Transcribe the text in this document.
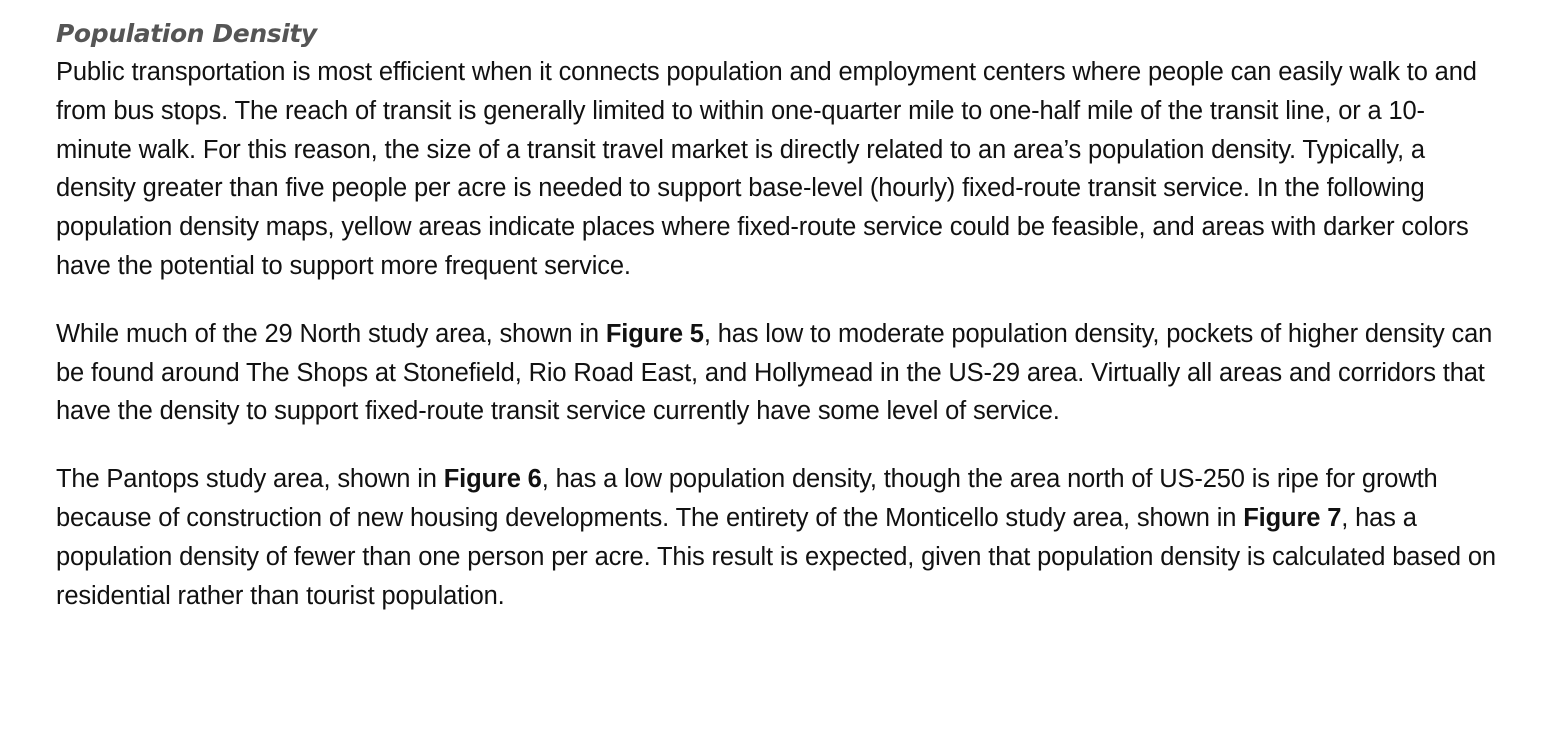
Population Density

Public transportation is most efficient when it connects population and employment centers where people can easily walk to and from bus stops. The reach of transit is generally limited to within one-quarter mile to one-half mile of the transit line, or a 10-minute walk. For this reason, the size of a transit travel market is directly related to an area’s population density. Typically, a density greater than five people per acre is needed to support base-level (hourly) fixed-route transit service. In the following population density maps, yellow areas indicate places where fixed-route service could be feasible, and areas with darker colors have the potential to support more frequent service.

While much of the 29 North study area, shown in Figure 5, has low to moderate population density, pockets of higher density can be found around The Shops at Stonefield, Rio Road East, and Hollymead in the US-29 area. Virtually all areas and corridors that have the density to support fixed-route transit service currently have some level of service.

The Pantops study area, shown in Figure 6, has a low population density, though the area north of US-250 is ripe for growth because of construction of new housing developments. The entirety of the Monticello study area, shown in Figure 7, has a population density of fewer than one person per acre. This result is expected, given that population density is calculated based on residential rather than tourist population.
